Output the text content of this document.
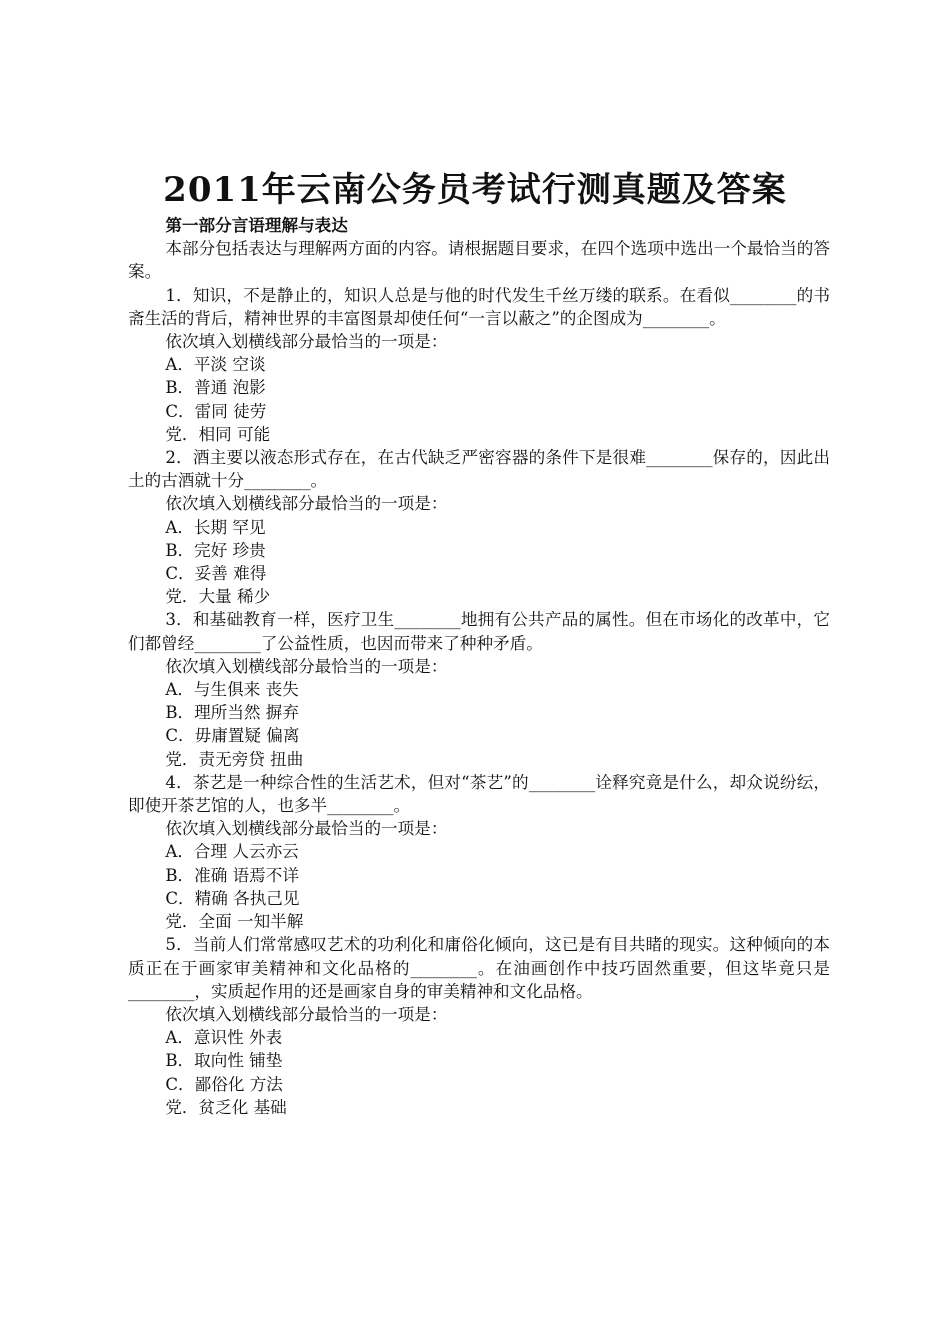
2011年云南公务员考试行测真题及答案

第一部分言语理解与表达

本部分包括表达与理解两方面的内容。请根据题目要求，在四个选项中选出一个最恰当的答案。

1．知识，不是静止的，知识人总是与他的时代发生千丝万缕的联系。在看似________的书斋生活的背后，精神世界的丰富图景却使任何“一言以蔽之”的企图成为________。

依次填入划横线部分最恰当的一项是：

A．平淡 空谈

B．普通 泡影

C．雷同 徒劳

党．相同 可能

2．酒主要以液态形式存在，在古代缺乏严密容器的条件下是很难________保存的，因此出土的古酒就十分________。

依次填入划横线部分最恰当的一项是：

A．长期 罕见

B．完好 珍贵

C．妥善 难得

党．大量 稀少

3．和基础教育一样，医疗卫生________地拥有公共产品的属性。但在市场化的改革中，它们都曾经________了公益性质，也因而带来了种种矛盾。

依次填入划横线部分最恰当的一项是：

A．与生俱来 丧失

B．理所当然 摒弃

C．毋庸置疑 偏离

党．责无旁贷 扭曲

4．茶艺是一种综合性的生活艺术，但对“茶艺”的________诠释究竟是什么，却众说纷纭，即使开茶艺馆的人，也多半________。

依次填入划横线部分最恰当的一项是：

A．合理 人云亦云

B．准确 语焉不详

C．精确 各执己见

党．全面 一知半解

5．当前人们常常感叹艺术的功利化和庸俗化倾向，这已是有目共睹的现实。这种倾向的本质正在于画家审美精神和文化品格的________。在油画创作中技巧固然重要，但这毕竟只是________，实质起作用的还是画家自身的审美精神和文化品格。

依次填入划横线部分最恰当的一项是：

A．意识性 外表

B．取向性 铺垫

C．鄙俗化 方法

党．贫乏化 基础
